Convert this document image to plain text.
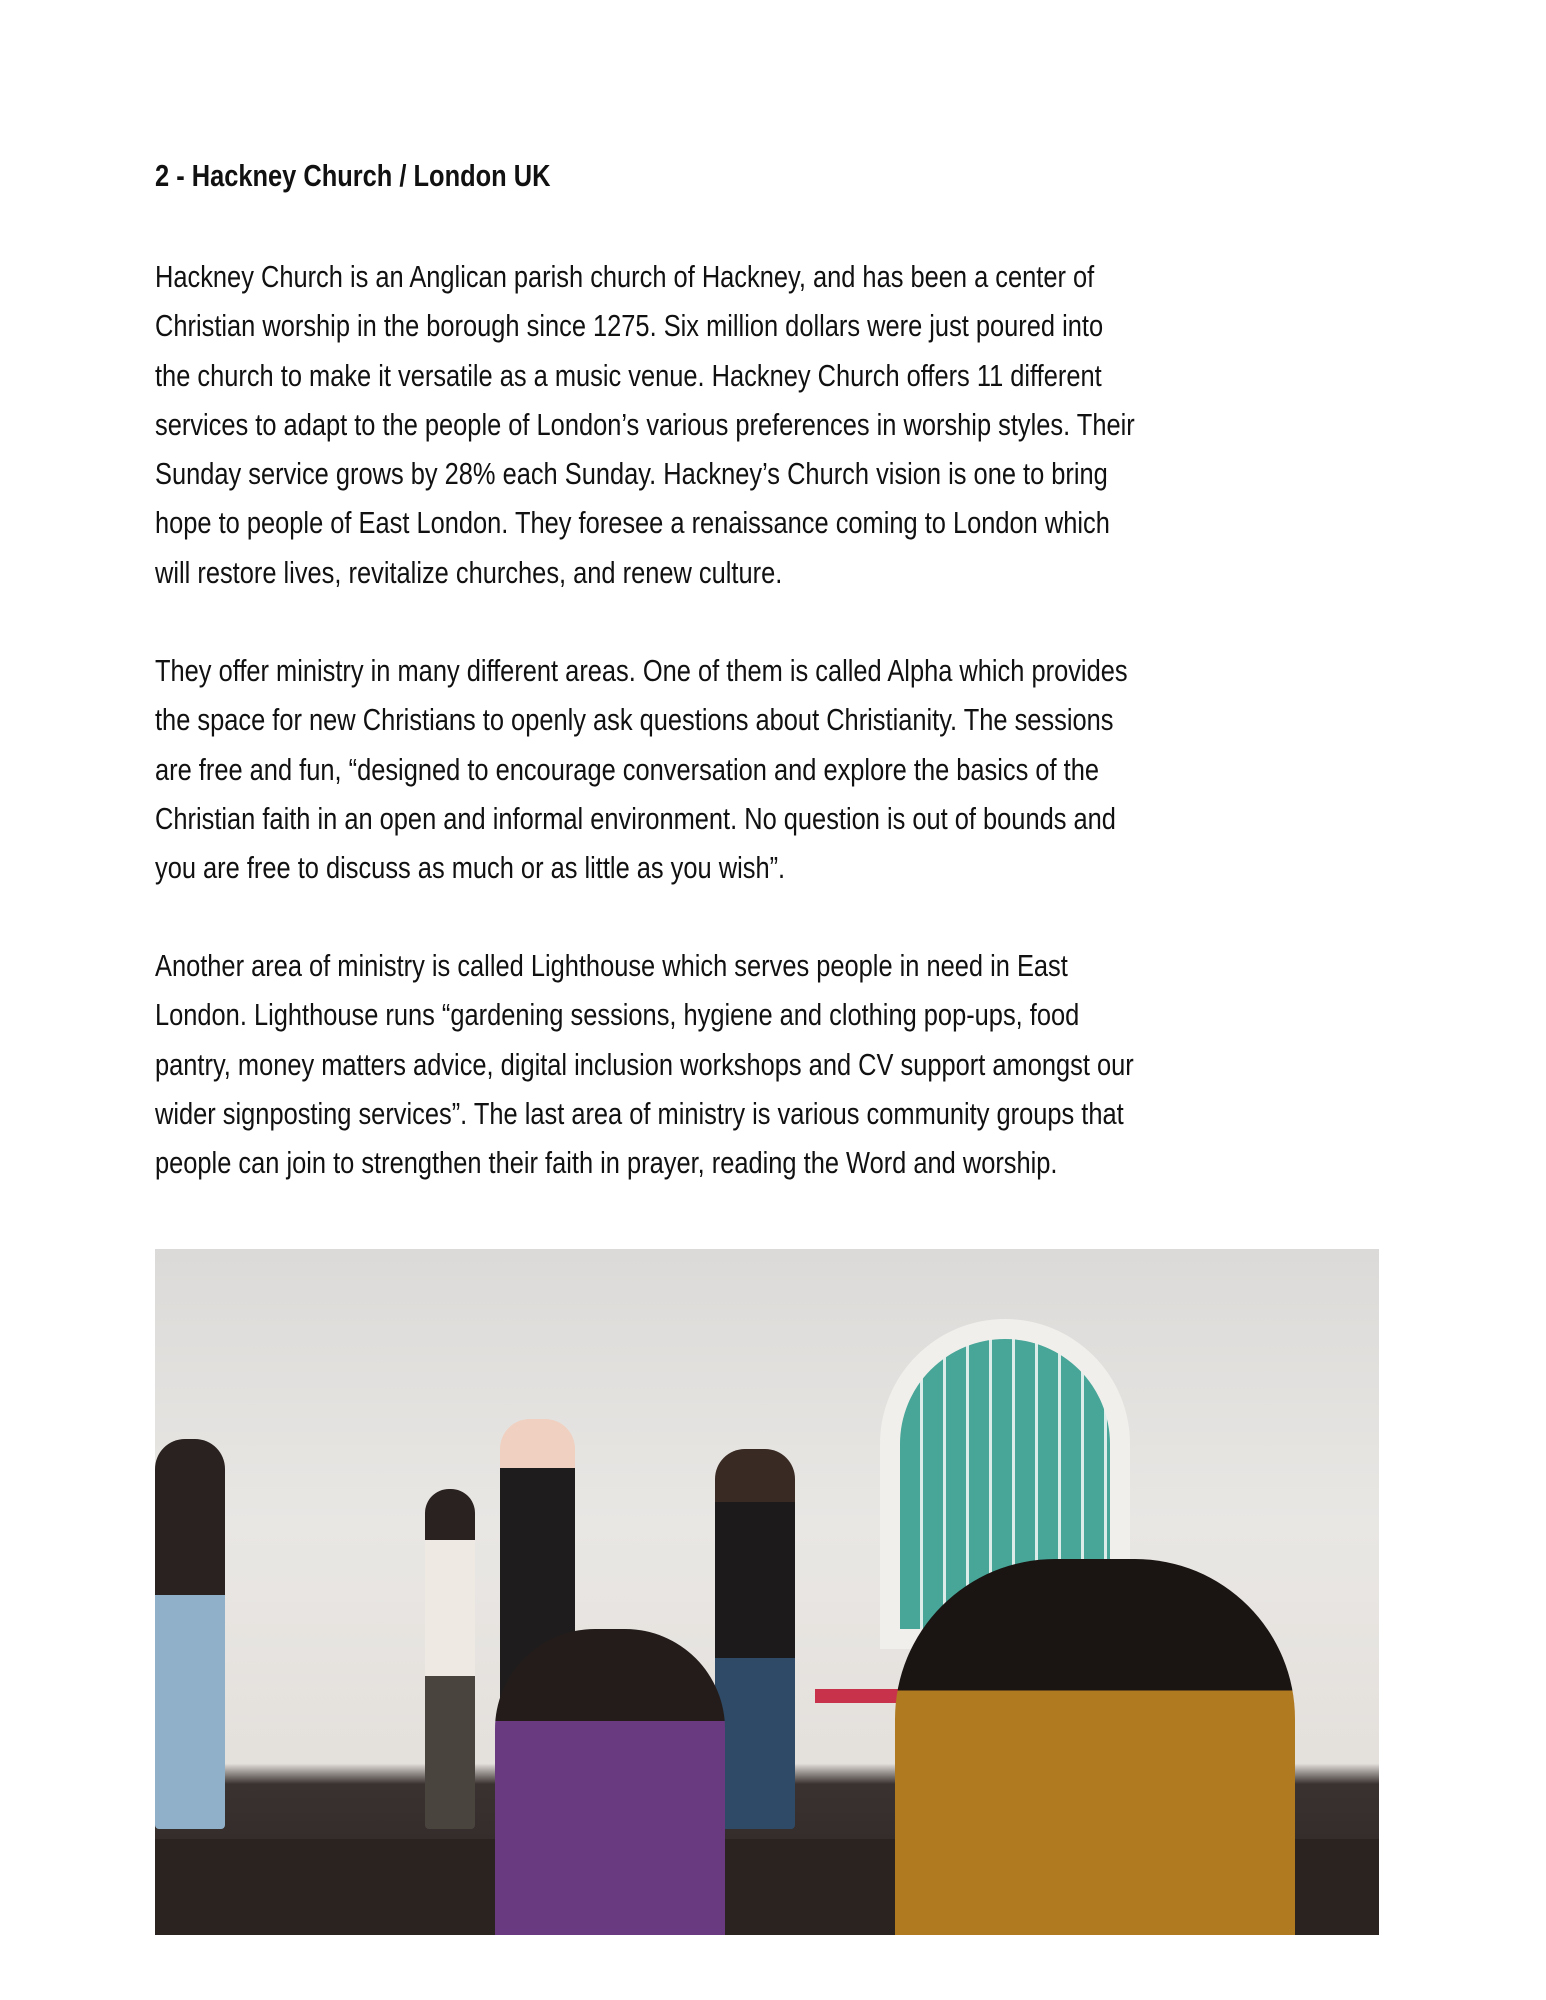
2 - Hackney Church / London UK
Hackney Church is an Anglican parish church of Hackney, and has been a center of
Christian worship in the borough since 1275. Six million dollars were just poured into
the church to make it versatile as a music venue. Hackney Church offers 11 different
services to adapt to the people of London’s various preferences in worship styles. Their
Sunday service grows by 28% each Sunday. Hackney’s Church vision is one to bring
hope to people of East London. They foresee a renaissance coming to London which
will restore lives, revitalize churches, and renew culture.
They offer ministry in many different areas. One of them is called Alpha which provides
the space for new Christians to openly ask questions about Christianity. The sessions
are free and fun, “designed to encourage conversation and explore the basics of the
Christian faith in an open and informal environment. No question is out of bounds and
you are free to discuss as much or as little as you wish”.
Another area of ministry is called Lighthouse which serves people in need in East
London. Lighthouse runs “gardening sessions, hygiene and clothing pop-ups, food
pantry, money matters advice, digital inclusion workshops and CV support amongst our
wider signposting services”. The last area of ministry is various community groups that
people can join to strengthen their faith in prayer, reading the Word and worship.
